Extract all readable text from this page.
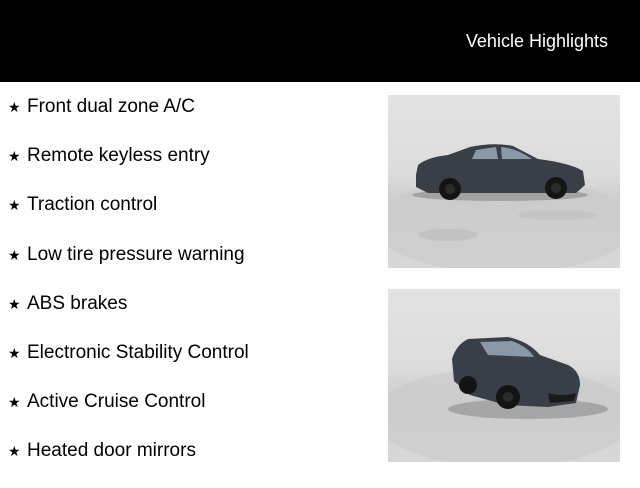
Vehicle Highlights
★ Front dual zone A/C
★ Remote keyless entry
★ Traction control
★ Low tire pressure warning
★ ABS brakes
★ Electronic Stability Control
★ Active Cruise Control
★ Heated door mirrors
